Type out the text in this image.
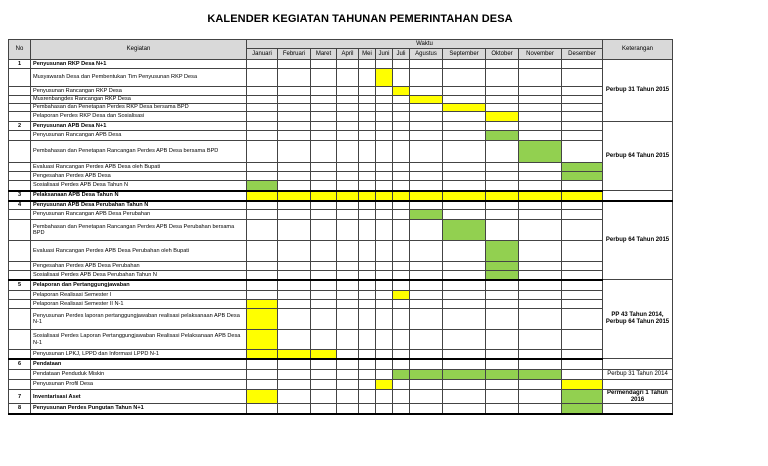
KALENDER KEGIATAN TAHUNAN PEMERINTAHAN DESA
No	Kegiatan	Waktu												Keterangan
		Januari	Februari	Maret	April	Mei	Juni	Juli	Agustus	September	Oktober	November	Desember	
1	Penyusunan RKP Desa N+1													Perbup 31 Tahun 2015
	Musyawarah Desa dan Pembentukan Tim Penyusunan RKP Desa													
	Penyusunan Rancangan RKP Desa													
	Musrenbangdes Rancangan RKP Desa													
	Pembahasan dan Penetapan Perdes RKP Desa bersama BPD													
	Pelaporan Perdes RKP Desa dan Sosialisasi													
2	Penyusunan APB Desa N+1													Perbup 64 Tahun 2015
	Penyusunan Rancangan APB Desa													
	Pembahasan dan Penetapan Rancangan Perdes APB Desa bersama BPD													
	Evaluasi Rancangan Perdes APB Desa oleh Bupati													
	Pengesahan Perdes APB Desa													
	Sosialisasi Perdes APB Desa Tahun N													
3	Pelaksanaan APB Desa Tahun N													
4	Penyusunan APB Desa Perubahan Tahun N													Perbup 64 Tahun 2015
	Penyusunan Rancangan APB Desa Perubahan													
	Pembahasan dan Penetapan Rancangan Perdes APB Desa Perubahan bersama BPD													
	Evaluasi Rancangan Perdes APB Desa Perubahan oleh Bupati													
	Pengesahan Perdes APB Desa Perubahan													
	Sosialisasi Perdes APB Desa Perubahan Tahun N													
5	Pelaporan dan Pertanggungjawaban													PP 43 Tahun 2014, Perbup 64 Tahun 2015
	Pelaporan Realisasi Semester I													
	Pelaporan Realisasi Semester II N-1													
	Penyusunan Perdes laporan pertanggungjawaban realisasi pelaksanaan APB Desa N-1													
	Sosialisasi Perdes Laporan Pertanggungjawaban Realisasi Pelaksanaan APB Desa N-1													
	Penyusunan LPKJ, LPPD dan Informasi LPPD N-1													
6	Pendataan													
	Pendataan Penduduk Miskin													Perbup 31 Tahun 2014
	Penyusunan Profil Desa													
7	Inventarisasi Aset													Permendagri 1 Tahun 2016
8	Penyusunan Perdes Pungutan Tahun N+1													
